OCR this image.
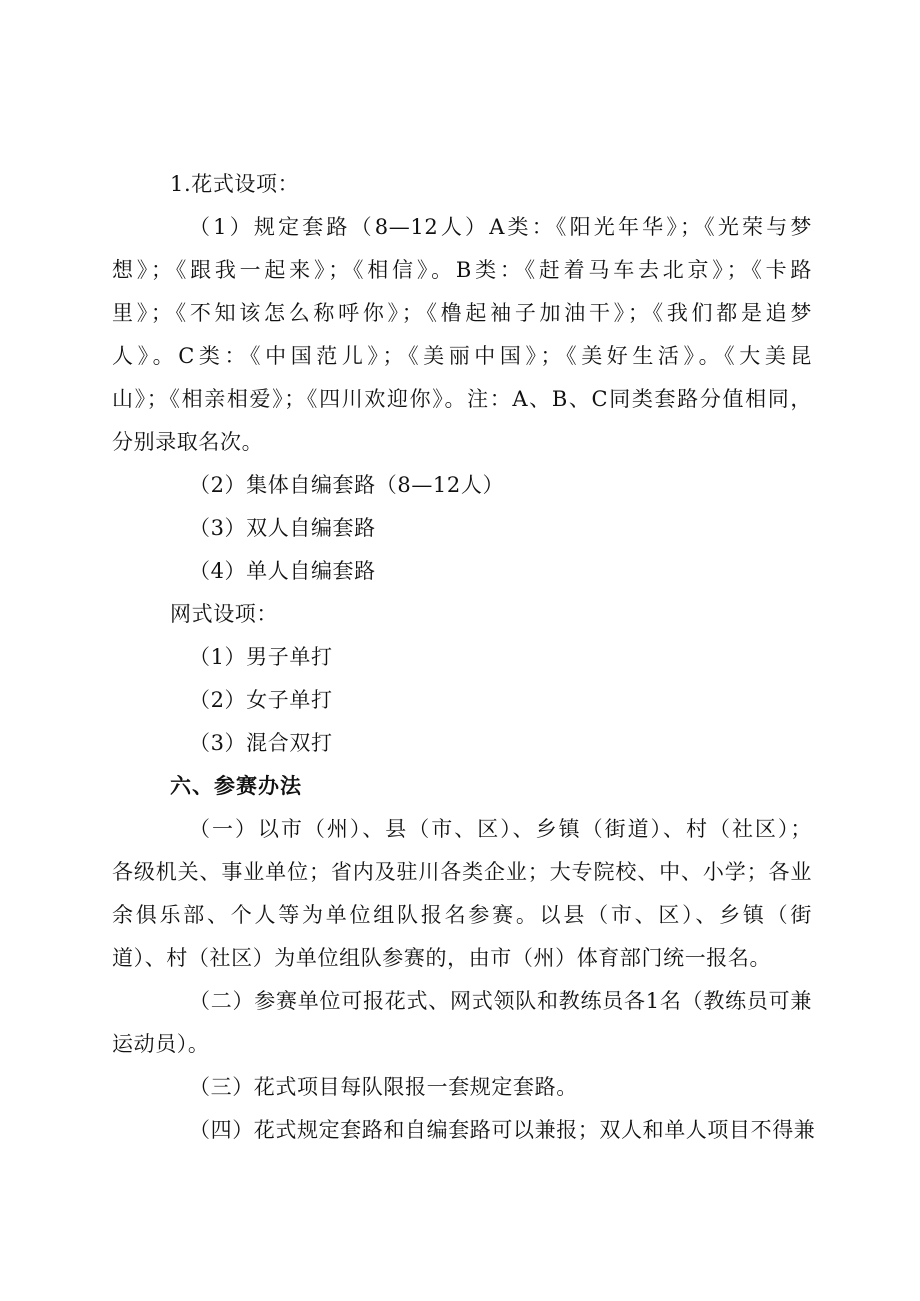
1.花式设项：
（1）规定套路（8—12人）A类：《阳光年华》；《光荣与梦
想》；《跟我一起来》；《相信》。B类：《赶着马车去北京》；《卡路
里》；《不知该怎么称呼你》；《橹起袖子加油干》；《我们都是追梦
人》。C类：《中国范儿》；《美丽中国》；《美好生活》。《大美昆
山》；《相亲相爱》；《四川欢迎你》。注：A、B、C同类套路分值相同，
分别录取名次。
（2）集体自编套路（8—12人）
（3）双人自编套路
（4）单人自编套路
网式设项：
（1）男子单打
（2）女子单打
（3）混合双打
六、参赛办法
（一）以市（州）、县（市、区）、乡镇（街道）、村（社区）；
各级机关、事业单位；省内及驻川各类企业；大专院校、中、小学；各业
余俱乐部、个人等为单位组队报名参赛。以县（市、区）、乡镇（街
道）、村（社区）为单位组队参赛的，由市（州）体育部门统一报名。
（二）参赛单位可报花式、网式领队和教练员各1名（教练员可兼
运动员）。
（三）花式项目每队限报一套规定套路。
（四）花式规定套路和自编套路可以兼报；双人和单人项目不得兼
